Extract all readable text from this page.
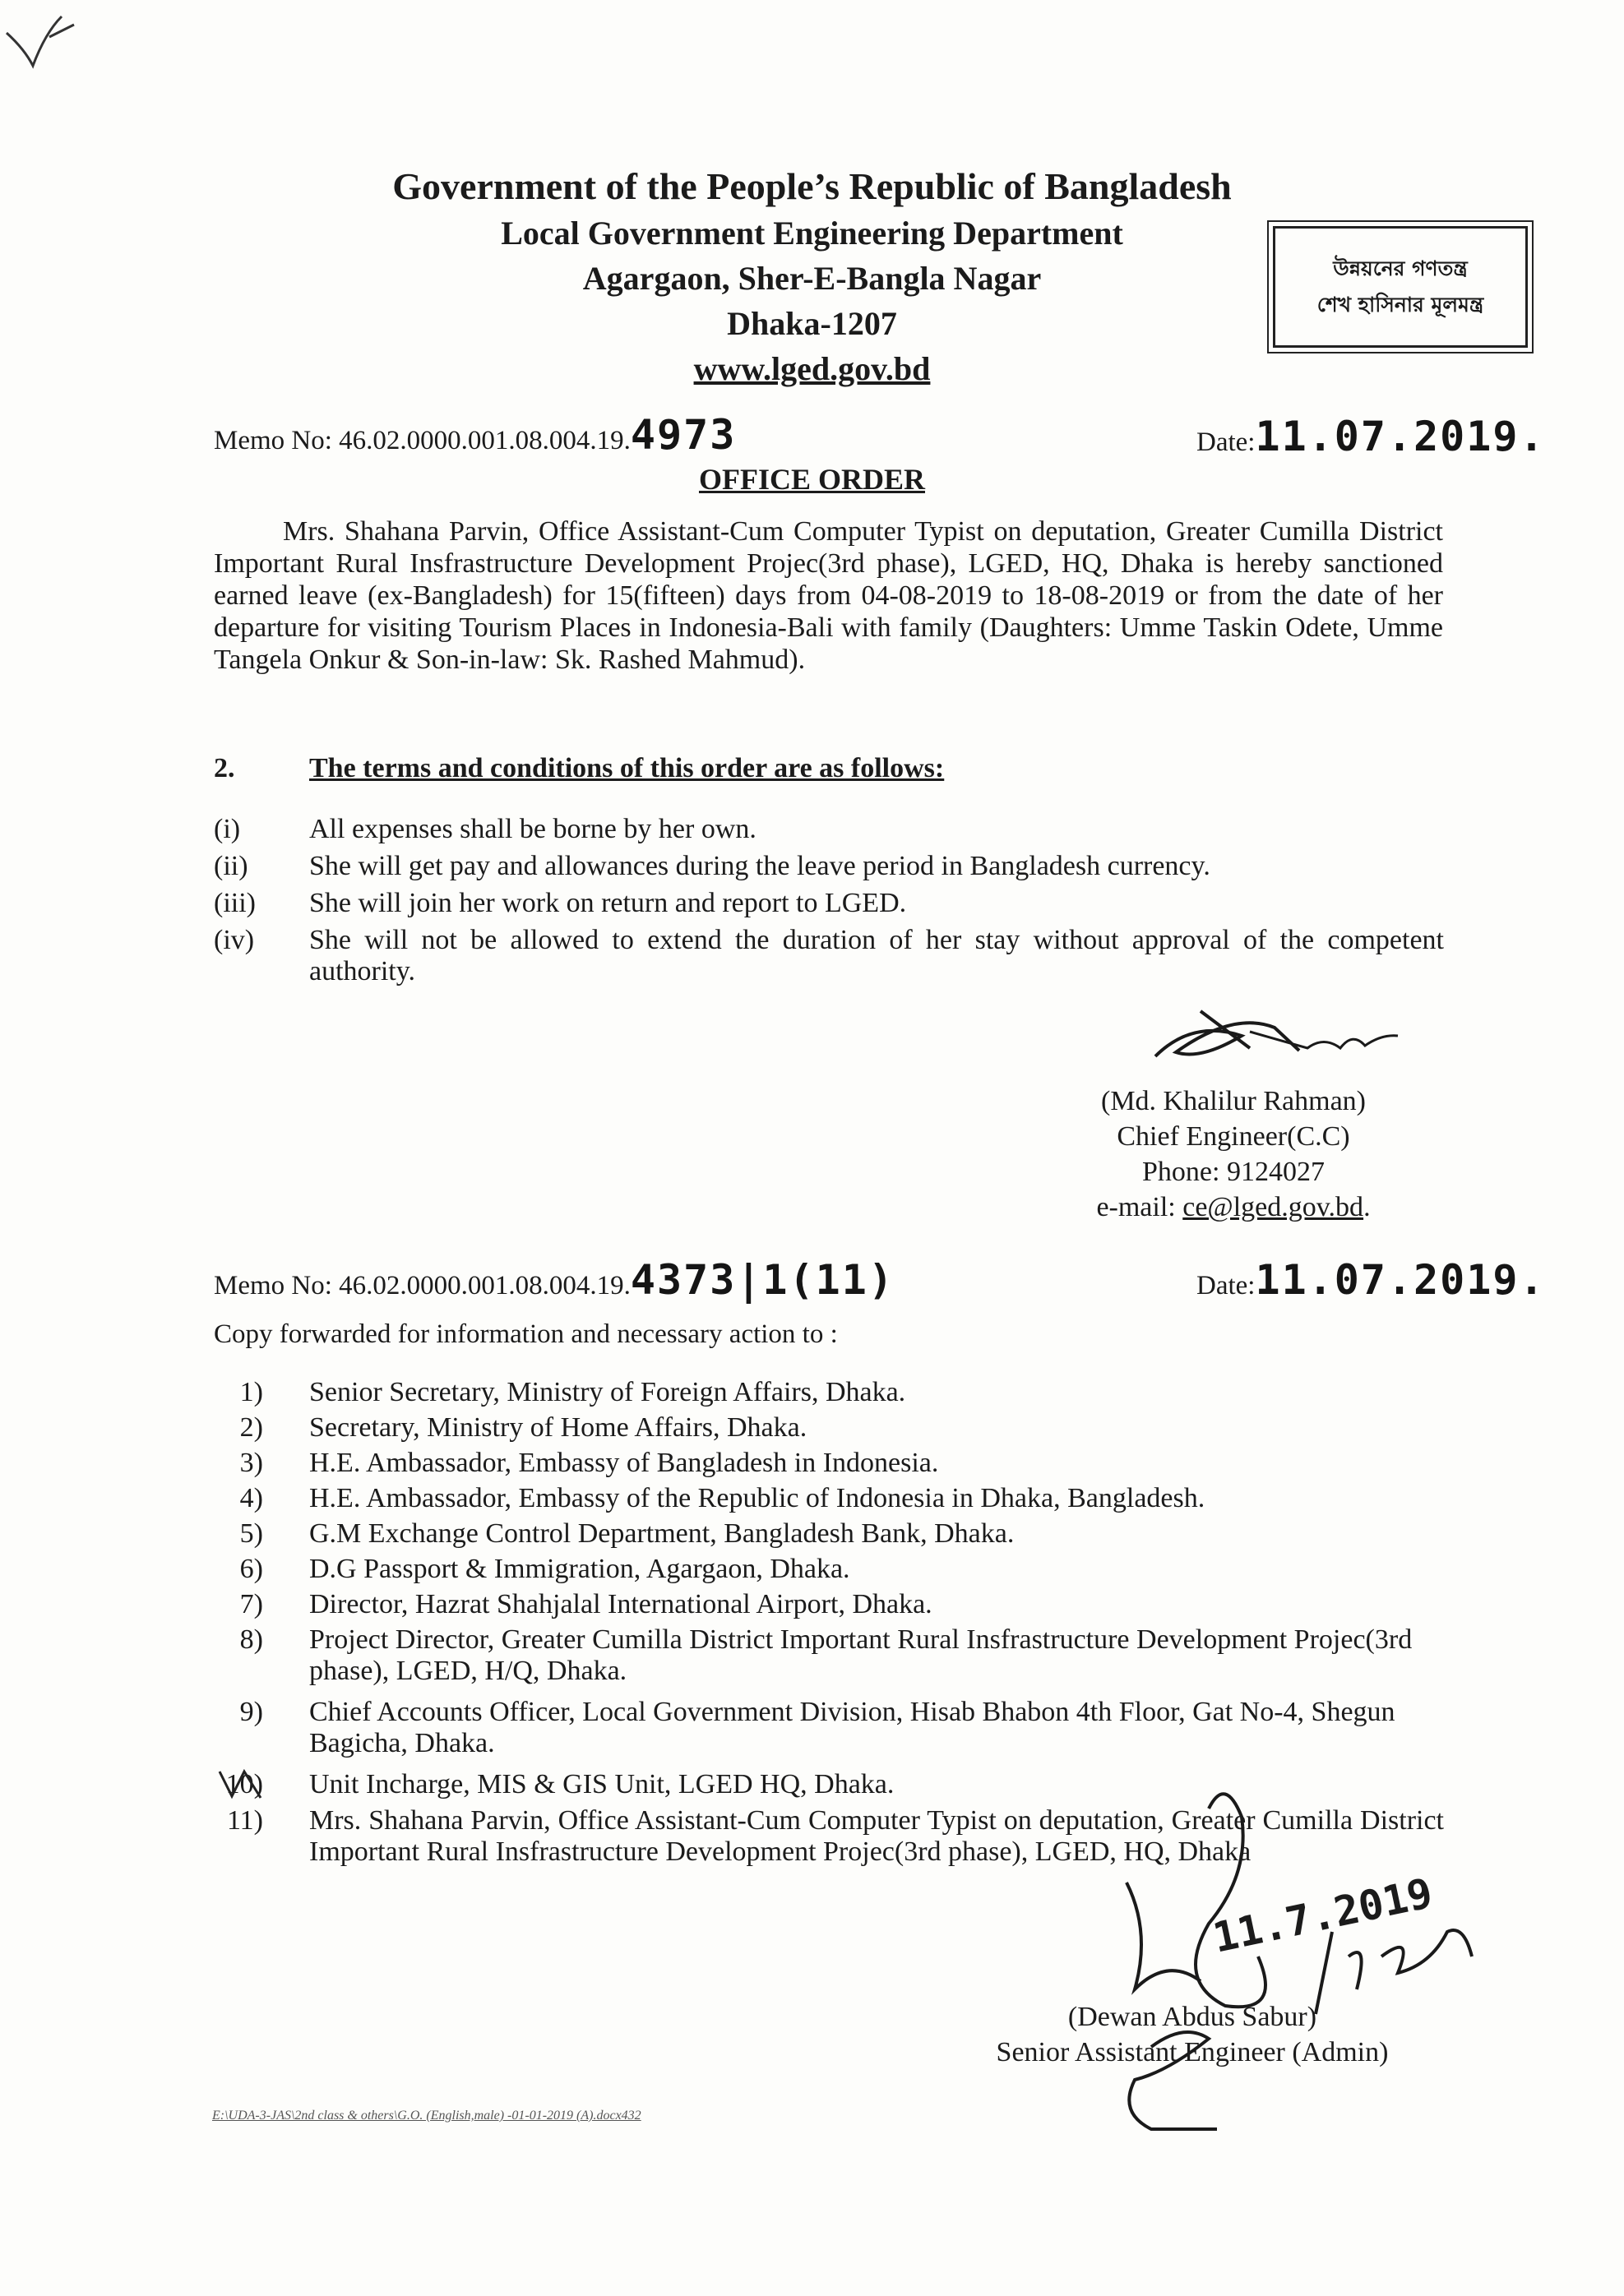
Government of the People’s Republic of Bangladesh
Local Government Engineering Department
Agargaon, Sher-E-Bangla Nagar
Dhaka-1207
www.lged.gov.bd
উন্নয়নের গণতন্ত্র
শেখ হাসিনার মূলমন্ত্র
Memo No: 46.02.0000.001.08.004.19.4973	Date:11.07.2019.
OFFICE ORDER
Mrs. Shahana Parvin, Office Assistant-Cum Computer Typist on deputation, Greater Cumilla District Important Rural Insfrastructure Development Projec(3rd phase), LGED, HQ, Dhaka is hereby sanctioned earned leave (ex-Bangladesh) for 15(fifteen) days from 04-08-2019 to 18-08-2019 or from the date of her departure for visiting Tourism Places in Indonesia-Bali with family (Daughters: Umme Taskin Odete, Umme Tangela Onkur & Son-in-law: Sk. Rashed Mahmud).
2.	The terms and conditions of this order are as follows:
(i) All expenses shall be borne by her own.
(ii) She will get pay and allowances during the leave period in Bangladesh currency.
(iii) She will join her work on return and report to LGED.
(iv) She will not be allowed to extend the duration of her stay without approval of the competent authority.
(Md. Khalilur Rahman)
Chief Engineer(C.C)
Phone: 9124027
e-mail: ce@lged.gov.bd.
Memo No: 46.02.0000.001.08.004.19.4373|1(11)	Date:11.07.2019.
Copy forwarded for information and necessary action to :
1) Senior Secretary, Ministry of Foreign Affairs, Dhaka.
2) Secretary, Ministry of Home Affairs, Dhaka.
3) H.E. Ambassador, Embassy of Bangladesh in Indonesia.
4) H.E. Ambassador, Embassy of the Republic of Indonesia in Dhaka, Bangladesh.
5) G.M Exchange Control Department, Bangladesh Bank, Dhaka.
6) D.G Passport & Immigration, Agargaon, Dhaka.
7) Director, Hazrat Shahjalal International Airport, Dhaka.
8) Project Director, Greater Cumilla District Important Rural Insfrastructure Development Projec(3rd phase), LGED, H/Q, Dhaka.
9) Chief Accounts Officer, Local Government Division, Hisab Bhabon 4th Floor, Gat No-4, Shegun Bagicha, Dhaka.
10) Unit Incharge, MIS & GIS Unit, LGED HQ, Dhaka.
11) Mrs. Shahana Parvin, Office Assistant-Cum Computer Typist on deputation, Greater Cumilla District Important Rural Insfrastructure Development Projec(3rd phase), LGED, HQ, Dhaka
11.7.2019
(Dewan Abdus Sabur)
Senior Assistant Engineer (Admin)
E:\UDA-3-JAS\2nd class & others\G.O. (English,male) -01-01-2019 (A).docx432
